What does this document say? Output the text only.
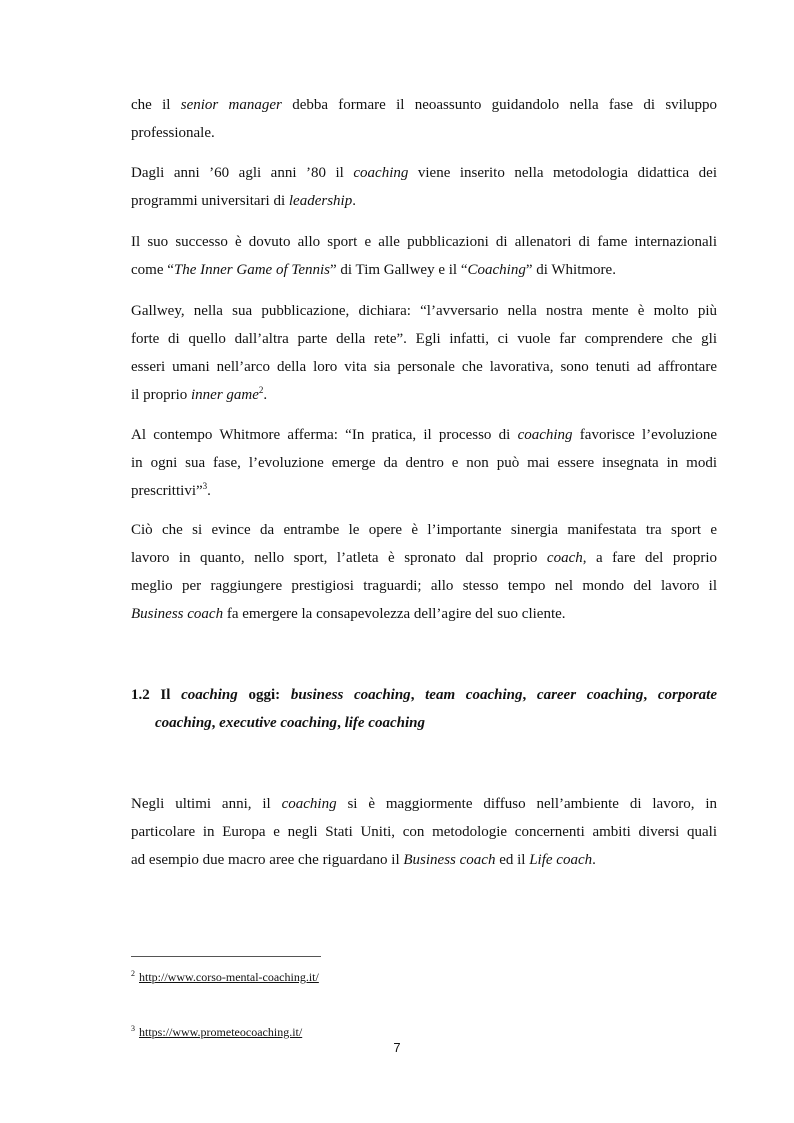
che il senior manager debba formare il neoassunto guidandolo nella fase di sviluppo
professionale.

Dagli anni ’60 agli anni ’80 il coaching viene inserito nella metodologia didattica dei
programmi universitari di leadership.

Il suo successo è dovuto allo sport e alle pubblicazioni di allenatori di fame internazionali
come “The Inner Game of Tennis” di Tim Gallwey e il “Coaching” di Whitmore.

Gallwey, nella sua pubblicazione, dichiara: “l’avversario nella nostra mente è molto più
forte di quello dall’altra parte della rete”. Egli infatti, ci vuole far comprendere che gli
esseri umani nell’arco della loro vita sia personale che lavorativa, sono tenuti ad affrontare
il proprio inner game$^2$.

Al contempo Whitmore afferma: “In pratica, il processo di coaching favorisce l’evoluzione
in ogni sua fase, l’evoluzione emerge da dentro e non può mai essere insegnata in modi
prescrittivi”$^3$.

Ciò che si evince da entrambe le opere è l’importante sinergia manifestata tra sport e
lavoro in quanto, nello sport, l’atleta è spronato dal proprio coach, a fare del proprio
meglio per raggiungere prestigiosi traguardi; allo stesso tempo nel mondo del lavoro il
Business coach fa emergere la consapevolezza dell’agire del suo cliente.

1.2 Il coaching oggi: business coaching, team coaching, career coaching, corporate
coaching, executive coaching, life coaching

Negli ultimi anni, il coaching si è maggiormente diffuso nell’ambiente di lavoro, in
particolare in Europa e negli Stati Uniti, con metodologie concernenti ambiti diversi quali
ad esempio due macro aree che riguardano il Business coach ed il Life coach.

$^2$ http://www.corso-mental-coaching.it/

$^3$ https://www.prometeocoaching.it/

7
